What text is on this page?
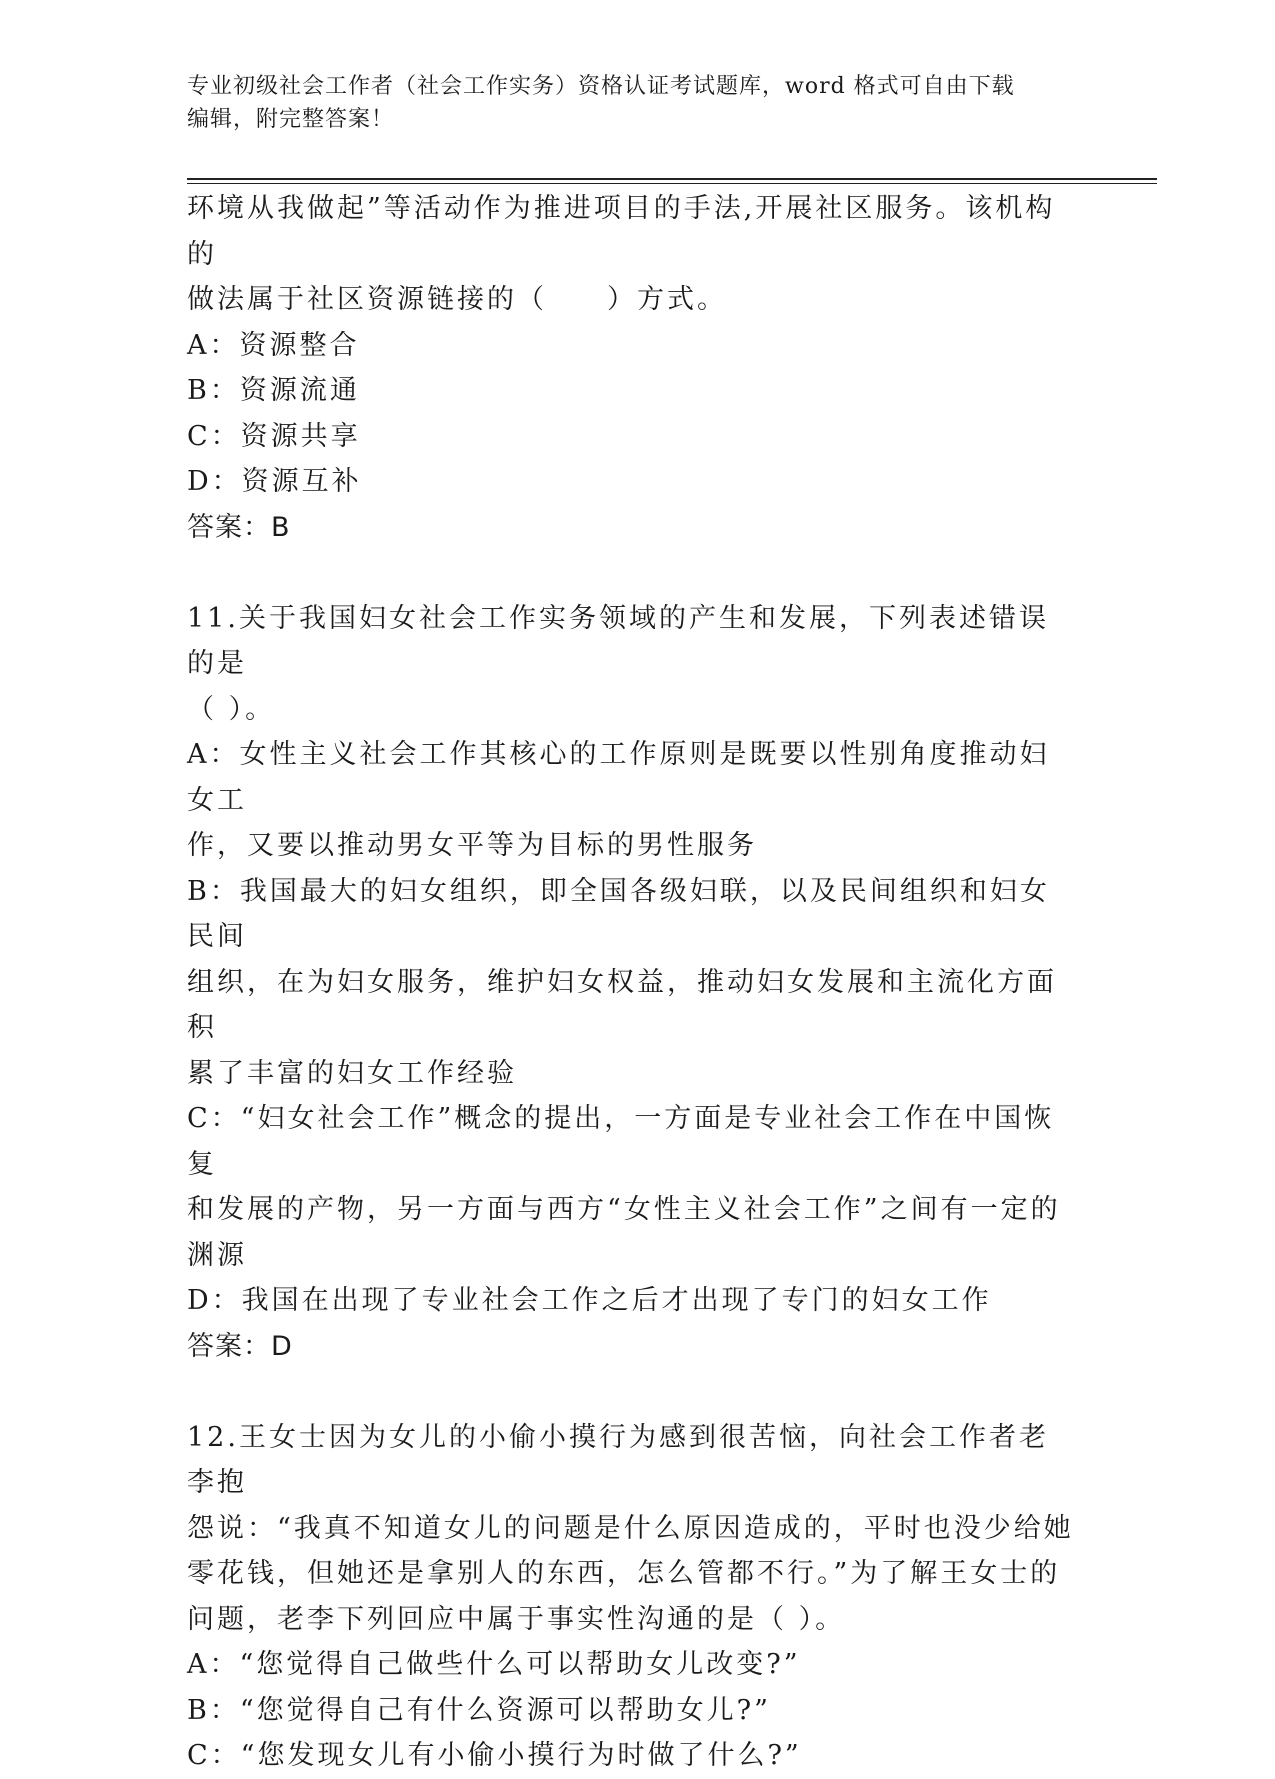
专业初级社会工作者（社会工作实务）资格认证考试题库，word 格式可自由下载
编辑，附完整答案！

环境从我做起”等活动作为推进项目的手法,开展社区服务。该机构的

做法属于社区资源链接的（　　）方式。

A：资源整合

B：资源流通

C：资源共享

D：资源互补

答案：B

11.关于我国妇女社会工作实务领域的产生和发展，下列表述错误的是

（ ）。

A：女性主义社会工作其核心的工作原则是既要以性别角度推动妇女工

作，又要以推动男女平等为目标的男性服务

B：我国最大的妇女组织，即全国各级妇联，以及民间组织和妇女民间

组织，在为妇女服务，维护妇女权益，推动妇女发展和主流化方面积

累了丰富的妇女工作经验

C：“妇女社会工作”概念的提出，一方面是专业社会工作在中国恢复

和发展的产物，另一方面与西方“女性主义社会工作”之间有一定的

渊源

D：我国在出现了专业社会工作之后才出现了专门的妇女工作

答案：D

12.王女士因为女儿的小偷小摸行为感到很苦恼，向社会工作者老李抱

怨说：“我真不知道女儿的问题是什么原因造成的，平时也没少给她

零花钱，但她还是拿别人的东西，怎么管都不行。”为了解王女士的

问题，老李下列回应中属于事实性沟通的是（ ）。

A：“您觉得自己做些什么可以帮助女儿改变?”

B：“您觉得自己有什么资源可以帮助女儿?”

C：“您发现女儿有小偷小摸行为时做了什么?”
